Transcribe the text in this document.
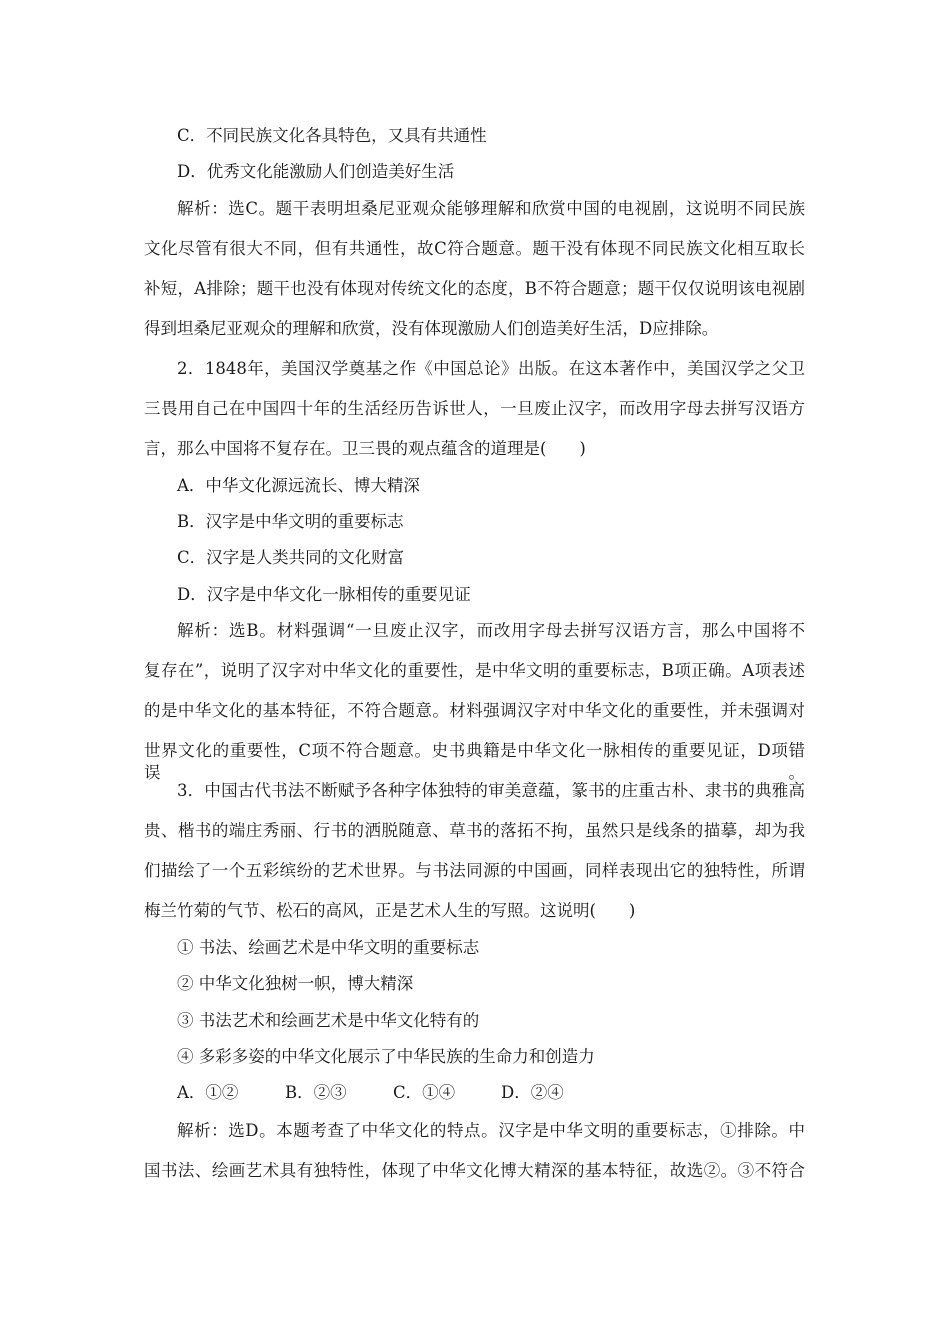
C．不同民族文化各具特色，又具有共通性
D．优秀文化能激励人们创造美好生活
解析：选C。题干表明坦桑尼亚观众能够理解和欣赏中国的电视剧，这说明不同民族
文化尽管有很大不同，但有共通性，故C符合题意。题干没有体现不同民族文化相互取长
补短，A排除；题干也没有体现对传统文化的态度，B不符合题意；题干仅仅说明该电视剧
得到坦桑尼亚观众的理解和欣赏，没有体现激励人们创造美好生活，D应排除。
2．1848年，美国汉学奠基之作《中国总论》出版。在这本著作中，美国汉学之父卫
三畏用自己在中国四十年的生活经历告诉世人，一旦废止汉字，而改用字母去拼写汉语方
言，那么中国将不复存在。卫三畏的观点蕴含的道理是(　　)
A．中华文化源远流长、博大精深
B．汉字是中华文明的重要标志
C．汉字是人类共同的文化财富
D．汉字是中华文化一脉相传的重要见证
解析：选B。材料强调“一旦废止汉字，而改用字母去拼写汉语方言，那么中国将不
复存在”，说明了汉字对中华文化的重要性，是中华文明的重要标志，B项正确。A项表述
的是中华文化的基本特征，不符合题意。材料强调汉字对中华文化的重要性，并未强调对
世界文化的重要性，C项不符合题意。史书典籍是中华文化一脉相传的重要见证，D项错误。
3．中国古代书法不断赋予各种字体独特的审美意蕴，篆书的庄重古朴、隶书的典雅高
贵、楷书的端庄秀丽、行书的洒脱随意、草书的落拓不拘，虽然只是线条的描摹，却为我
们描绘了一个五彩缤纷的艺术世界。与书法同源的中国画，同样表现出它的独特性，所谓
梅兰竹菊的气节、松石的高风，正是艺术人生的写照。这说明(　　)
① 书法、绘画艺术是中华文明的重要标志
② 中华文化独树一帜，博大精深
③ 书法艺术和绘画艺术是中华文化特有的
④ 多彩多姿的中华文化展示了中华民族的生命力和创造力
A．①②	B．②③	C．①④	D．②④
解析：选D。本题考查了中华文化的特点。汉字是中华文明的重要标志，①排除。中
国书法、绘画艺术具有独特性，体现了中华文化博大精深的基本特征，故选②。③不符合
